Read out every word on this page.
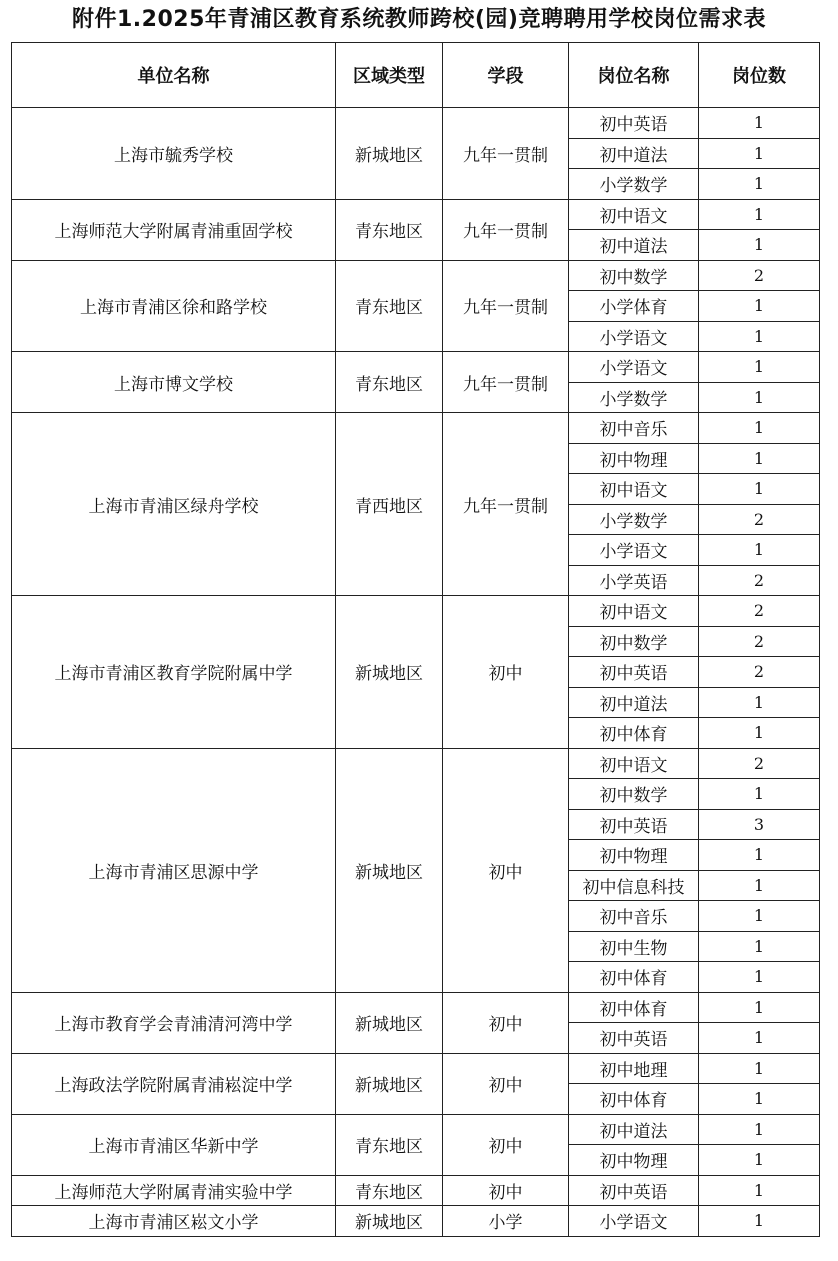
附件1.2025年青浦区教育系统教师跨校(园)竞聘聘用学校岗位需求表
单位名称	区域类型	学段	岗位名称	岗位数
上海市毓秀学校	新城地区	九年一贯制	初中英语	1
			初中道法	1
			小学数学	1
上海师范大学附属青浦重固学校	青东地区	九年一贯制	初中语文	1
			初中道法	1
上海市青浦区徐和路学校	青东地区	九年一贯制	初中数学	2
			小学体育	1
			小学语文	1
上海市博文学校	青东地区	九年一贯制	小学语文	1
			小学数学	1
上海市青浦区绿舟学校	青西地区	九年一贯制	初中音乐	1
			初中物理	1
			初中语文	1
			小学数学	2
			小学语文	1
			小学英语	2
上海市青浦区教育学院附属中学	新城地区	初中	初中语文	2
			初中数学	2
			初中英语	2
			初中道法	1
			初中体育	1
上海市青浦区思源中学	新城地区	初中	初中语文	2
			初中数学	1
			初中英语	3
			初中物理	1
			初中信息科技	1
			初中音乐	1
			初中生物	1
			初中体育	1
上海市教育学会青浦清河湾中学	新城地区	初中	初中体育	1
			初中英语	1
上海政法学院附属青浦崧淀中学	新城地区	初中	初中地理	1
			初中体育	1
上海市青浦区华新中学	青东地区	初中	初中道法	1
			初中物理	1
上海师范大学附属青浦实验中学	青东地区	初中	初中英语	1
上海市青浦区崧文小学	新城地区	小学	小学语文	1
